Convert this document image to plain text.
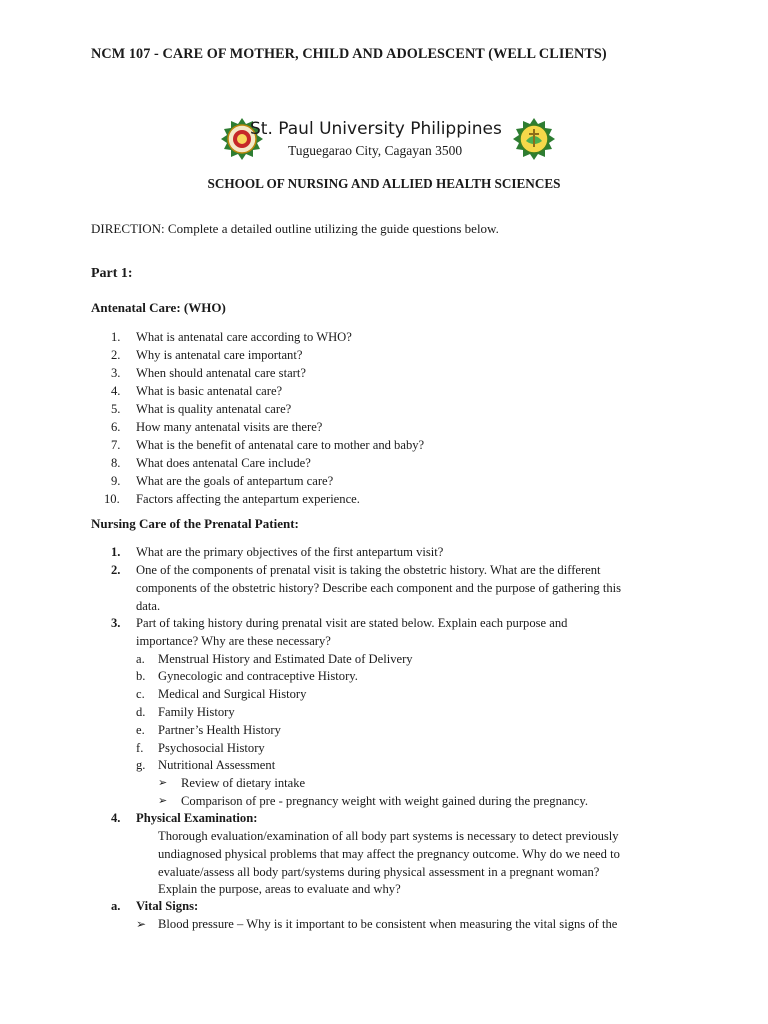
NCM 107 - CARE OF MOTHER, CHILD AND ADOLESCENT (WELL CLIENTS)
St. Paul University Philippines
Tuguegarao City, Cagayan 3500
SCHOOL OF NURSING AND ALLIED HEALTH SCIENCES
DIRECTION: Complete a detailed outline utilizing the guide questions below.
Part 1:
Antenatal Care: (WHO)
1. What is antenatal care according to WHO?
2. Why is antenatal care important?
3. When should antenatal care start?
4. What is basic antenatal care?
5. What is quality antenatal care?
6. How many antenatal visits are there?
7. What is the benefit of antenatal care to mother and baby?
8. What does antenatal Care include?
9. What are the goals of antepartum care?
10. Factors affecting the antepartum experience.
Nursing Care of the Prenatal Patient:
1. What are the primary objectives of the first antepartum visit?
2. One of the components of prenatal visit is taking the obstetric history. What are the different
components of the obstetric history? Describe each component and the purpose of gathering this
data.
3. Part of taking history during prenatal visit are stated below. Explain each purpose and
importance? Why are these necessary?
a. Menstrual History and Estimated Date of Delivery
b. Gynecologic and contraceptive History.
c. Medical and Surgical History
d. Family History
e. Partner’s Health History
f. Psychosocial History
g. Nutritional Assessment
➢ Review of dietary intake
➢ Comparison of pre - pregnancy weight with weight gained during the pregnancy.
4. Physical Examination:
Thorough evaluation/examination of all body part systems is necessary to detect previously
undiagnosed physical problems that may affect the pregnancy outcome. Why do we need to
evaluate/assess all body part/systems during physical assessment in a pregnant woman?
Explain the purpose, areas to evaluate and why?
a. Vital Signs:
➢ Blood pressure – Why is it important to be consistent when measuring the vital signs of the
